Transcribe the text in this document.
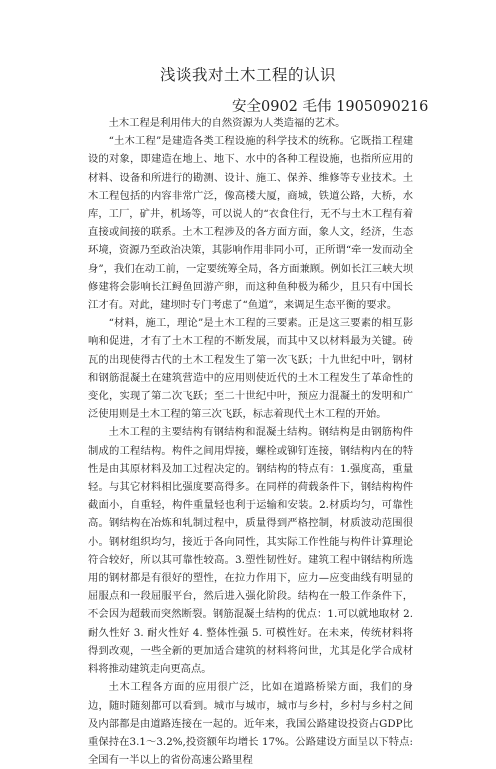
浅谈我对土木工程的认识
安全0902 毛伟 1905090216

土木工程是利用伟大的自然资源为人类造福的艺术。

“土木工程”是建造各类工程设施的科学技术的统称。它既指工程建设的对象，即建造在地上、地下、水中的各种工程设施，也指所应用的材料、设备和所进行的勘测、设计、施工、保养、维修等专业技术。土木工程包括的内容非常广泛，像高楼大厦，商城，铁道公路，大桥，水库，工厂，矿井，机场等，可以说人的“衣食住行，无不与土木工程有着直接或间接的联系。土木工程涉及的各方面方面，象人文，经济，生态环境，资源乃至政治决策，其影响作用非同小可，正所谓“牵一发而动全身”，我们在动工前，一定要统筹全局，各方面兼顾。例如长江三峡大坝修建将会影响长江鲟鱼回游产卵，而这种鱼种极为稀少，且只有中国长江才有。对此，建坝时专门考虑了“鱼道”，来调足生态平衡的要求。

“材料，施工，理论”是土木工程的三要素。正是这三要素的相互影响和促进，才有了土木工程的不断发展，而其中又以材料最为关键。砖瓦的出现使得古代的土木工程发生了第一次飞跃；十九世纪中叶，钢材和钢筋混凝土在建筑营造中的应用则使近代的土木工程发生了革命性的变化，实现了第二次飞跃；至二十世纪中叶，预应力混凝土的发明和广泛使用则是土木工程的第三次飞跃，标志着现代土木工程的开始。

土木工程的主要结构有钢结构和混凝土结构。钢结构是由钢筋构件制成的工程结构。构件之间用焊接，螺栓或铆钉连接，钢结构内在的特性是由其原材料及加工过程决定的。钢结构的特点有：1.强度高，重量轻。与其它材料相比强度要高得多。在同样的荷载条件下，钢结构构件截面小，自重轻，构件重量轻也利于运输和安装。2.材质均匀，可靠性高。钢结构在冶炼和轧制过程中，质量得到严格控制，材质波动范围很小。钢材组织均匀，接近于各向同性，其实际工作性能与构件计算理论符合较好，所以其可靠性较高。3.塑性韧性好。建筑工程中钢结构所选用的钢材都是有很好的塑性，在拉力作用下，应力—应变曲线有明显的屈服点和一段屈服平台，然后进入强化阶段。结构在一般工作条件下，不会因为超载而突然断裂。钢筋混凝土结构的优点：1.可以就地取材 2. 耐久性好 3. 耐火性好 4. 整体性强 5. 可模性好。在未来，传统材料将得到改观，一些全新的更加适合建筑的材料将问世，尤其是化学合成材料将推动建筑走向更高点。

土木工程各方面的应用很广泛，比如在道路桥梁方面，我们的身边，随时随刻都可以看到。城市与城市，城市与乡村，乡村与乡村之间及内部都是由道路连接在一起的。近年来，我国公路建设投资占GDP比重保持在3.1～3.2%,投资额年均增长 17%。公路建设方面呈以下特点: 全国有一半以上的省份高速公路里程
